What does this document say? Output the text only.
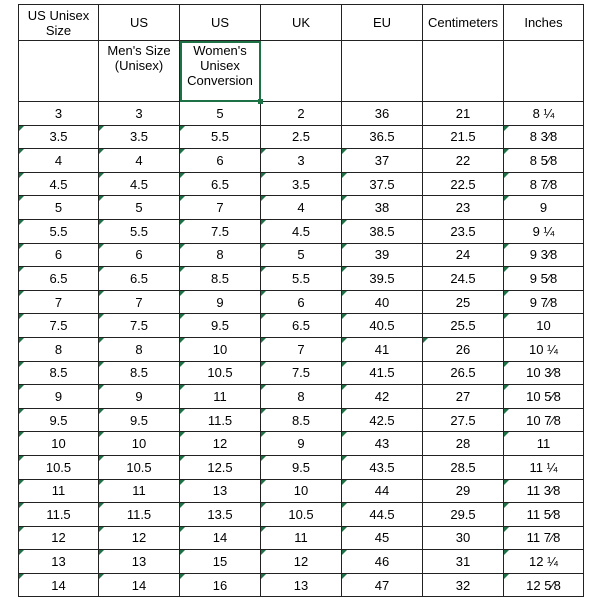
US Unisex Size	US	US	UK	EU	Centimeters	Inches
	Men's Size (Unisex)	Women's Unisex Conversion				
3	3	5	2	36	21	8 ¼
3.5	3.5	5.5	2.5	36.5	21.5	8 3⁄8
4	4	6	3	37	22	8 5⁄8
4.5	4.5	6.5	3.5	37.5	22.5	8 7⁄8
5	5	7	4	38	23	9
5.5	5.5	7.5	4.5	38.5	23.5	9 ¼
6	6	8	5	39	24	9 3⁄8
6.5	6.5	8.5	5.5	39.5	24.5	9 5⁄8
7	7	9	6	40	25	9 7⁄8
7.5	7.5	9.5	6.5	40.5	25.5	10
8	8	10	7	41	26	10 ¼
8.5	8.5	10.5	7.5	41.5	26.5	10 3⁄8
9	9	11	8	42	27	10 5⁄8
9.5	9.5	11.5	8.5	42.5	27.5	10 7⁄8
10	10	12	9	43	28	11
10.5	10.5	12.5	9.5	43.5	28.5	11 ¼
11	11	13	10	44	29	11 3⁄8
11.5	11.5	13.5	10.5	44.5	29.5	11 5⁄8
12	12	14	11	45	30	11 7⁄8
13	13	15	12	46	31	12 ¼
14	14	16	13	47	32	12 5⁄8
